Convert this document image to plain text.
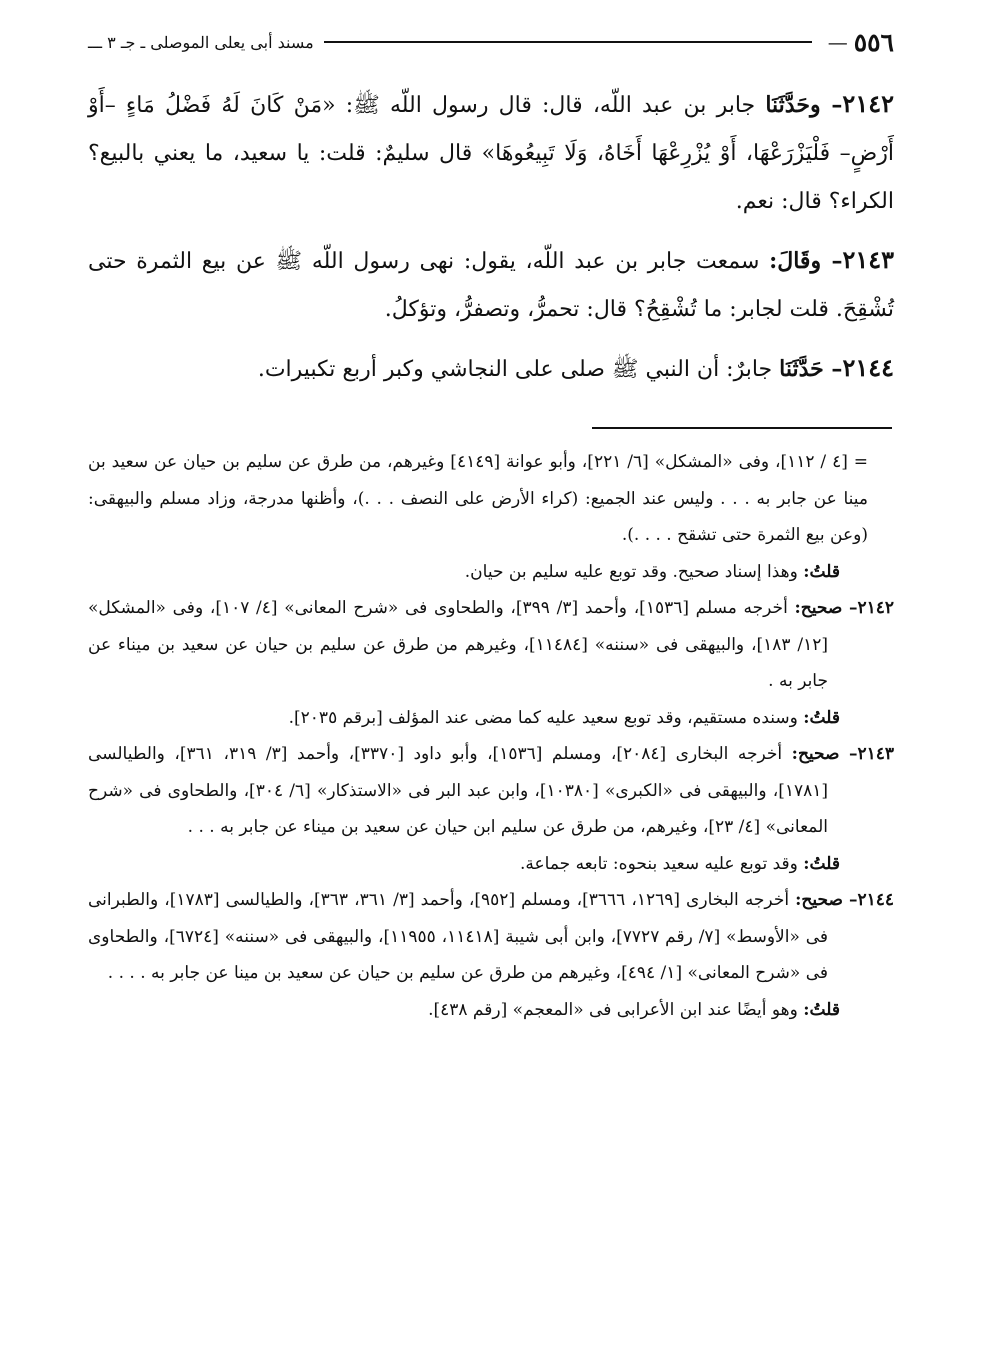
٥٥٦
—
مسند أبى يعلى الموصلى ـ جـ ٣ ـــ

٢١٤٢– وحَدَّثَنَا جابر بن عبد اللّه، قال: قال رسول اللّه ﷺ: «مَنْ كَانَ لَهُ فَضْلُ مَاءٍ –أَوْ أَرْضٍ– فَلْيَزْرَعْهَا، أَوْ يُزْرِعْهَا أَخَاهُ، وَلَا تَبِيعُوهَا» قال سليمٌ: قلت: يا سعيد، ما يعني بالبيع؟ الكراء؟ قال: نعم.

٢١٤٣– وقَالَ: سمعت جابر بن عبد اللّه، يقول: نهى رسول اللّه ﷺ عن بيع الثمرة حتى تُشْقِحَ. قلت لجابر: ما تُشْقِحُ؟ قال: تحمرُّ، وتصفرُّ، وتؤكلُ.

٢١٤٤– حَدَّثَنَا جابرٌ: أن النبي ﷺ صلى على النجاشي وكبر أربع تكبيرات.

= [٤ / ١١٢]، وفى «المشكل» [٦/ ٢٢١]، وأبو عوانة [٤١٤٩] وغيرهم، من طرق عن سليم بن حيان عن سعيد بن مينا عن جابر به . . . وليس عند الجميع: (كراء الأرض على النصف . . .)، وأظنها مدرجة، وزاد مسلم والبيهقى: (وعن بيع الثمرة حتى تشقح . . . .).

قلتُ: وهذا إسناد صحيح. وقد توبع عليه سليم بن حيان.

٢١٤٢– صحيح: أخرجه مسلم [١٥٣٦]، وأحمد [٣/ ٣٩٩]، والطحاوى فى «شرح المعانى» [٤/ ١٠٧]، وفى «المشكل» [١٢/ ١٨٣]، والبيهقى فى «سننه» [١١٤٨٤]، وغيرهم من طرق عن سليم بن حيان عن سعيد بن ميناء عن جابر به .

قلتُ: وسنده مستقيم، وقد توبع سعيد عليه كما مضى عند المؤلف [برقم ٢٠٣٥].

٢١٤٣– صحيح: أخرجه البخارى [٢٠٨٤]، ومسلم [١٥٣٦]، وأبو داود [٣٣٧٠]، وأحمد [٣/ ٣١٩، ٣٦١]، والطيالسى [١٧٨١]، والبيهقى فى «الكبرى» [١٠٣٨٠]، وابن عبد البر فى «الاستذكار» [٦/ ٣٠٤]، والطحاوى فى «شرح المعانى» [٤/ ٢٣]، وغيرهم، من طرق عن سليم ابن حيان عن سعيد بن ميناء عن جابر به . . .

قلتُ: وقد توبع عليه سعيد بنحوه: تابعه جماعة.

٢١٤٤– صحيح: أخرجه البخارى [١٢٦٩، ٣٦٦٦]، ومسلم [٩٥٢]، وأحمد [٣/ ٣٦١، ٣٦٣]، والطيالسى [١٧٨٣]، والطبرانى فى «الأوسط» [٧/ رقم ٧٧٢٧]، وابن أبى شيبة [١١٤١٨، ١١٩٥٥]، والبيهقى فى «سننه» [٦٧٢٤]، والطحاوى فى «شرح المعانى» [١/ ٤٩٤]، وغيرهم من طرق عن سليم بن حيان عن سعيد بن مينا عن جابر به . . . .

قلتُ: وهو أيضًا عند ابن الأعرابى فى «المعجم» [رقم ٤٣٨].
